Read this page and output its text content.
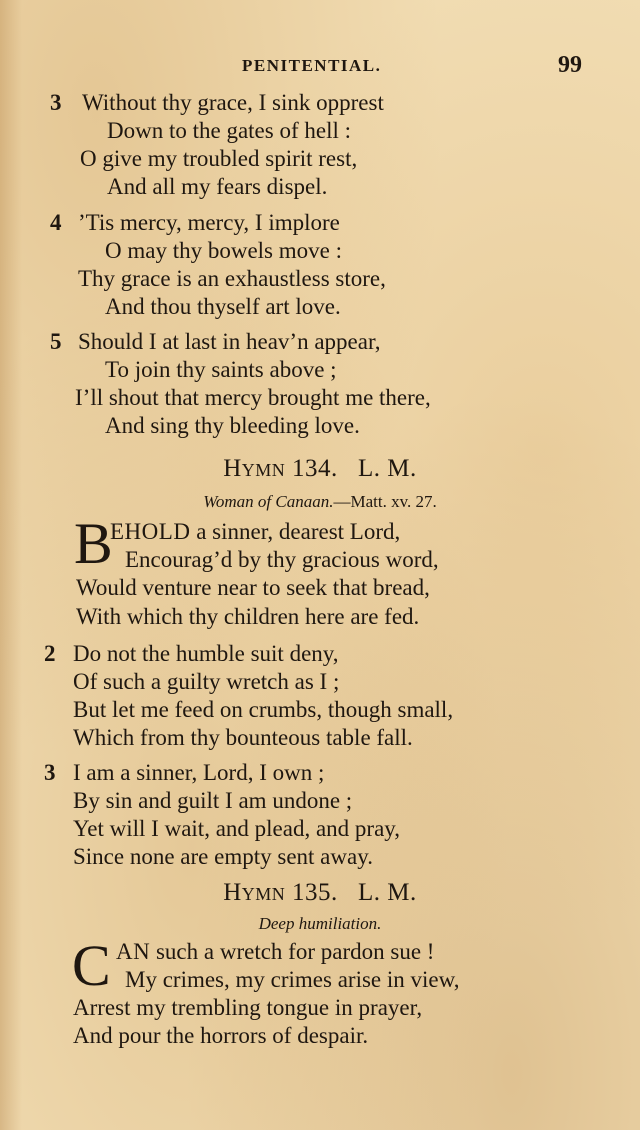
PENITENTIAL.	99
3 Without thy grace, I sink opprest
Down to the gates of hell :
O give my troubled spirit rest,
And all my fears dispel.
4 ’Tis mercy, mercy, I implore
O may thy bowels move :
Thy grace is an exhaustless store,
And thou thyself art love.
5 Should I at last in heav’n appear,
To join thy saints above ;
I’ll shout that mercy brought me there,
And sing thy bleeding love.
Hymn 134. L. M.
Woman of Canaan.—Matt. xv. 27.
B
EHOLD a sinner, dearest Lord,
Encourag’d by thy gracious word,
Would venture near to seek that bread,
With which thy children here are fed.
2 Do not the humble suit deny,
Of such a guilty wretch as I ;
But let me feed on crumbs, though small,
Which from thy bounteous table fall.
3 I am a sinner, Lord, I own ;
By sin and guilt I am undone ;
Yet will I wait, and plead, and pray,
Since none are empty sent away.
Hymn 135. L. M.
Deep humiliation.
C AN such a wretch for pardon sue !
My crimes, my crimes arise in view,
Arrest my trembling tongue in prayer,
And pour the horrors of despair.
